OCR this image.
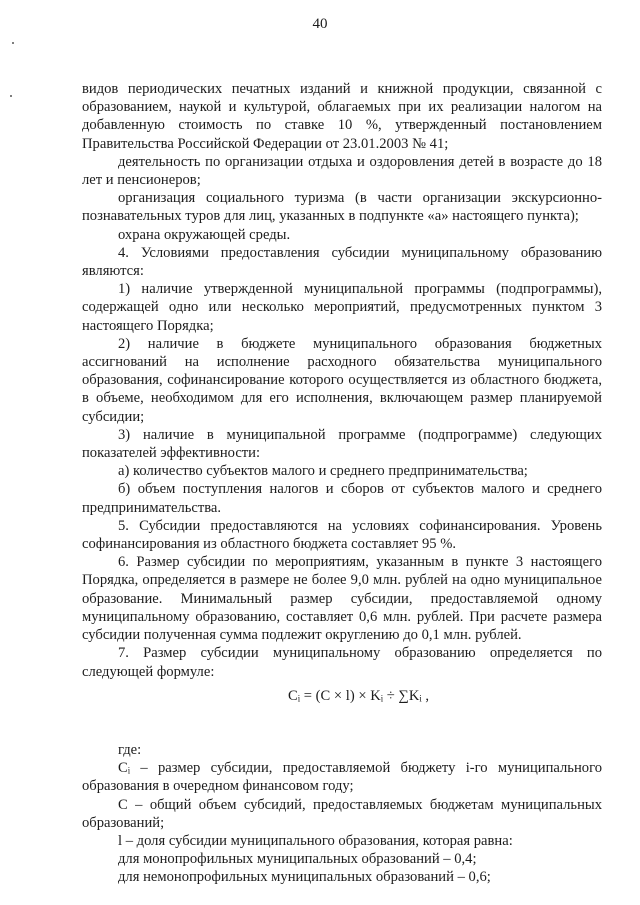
40

видов периодических печатных изданий и книжной продукции, связанной с образованием, наукой и культурой, облагаемых при их реализации налогом на добавленную стоимость по ставке 10 %, утвержденный постановлением Правительства Российской Федерации от 23.01.2003 № 41;

деятельность по организации отдыха и оздоровления детей в возрасте до 18 лет и пенсионеров;

организация социального туризма (в части организации экскурсионно-познавательных туров для лиц, указанных в подпункте «а» настоящего пункта);

охрана окружающей среды.

4. Условиями предоставления субсидии муниципальному образованию являются:

1) наличие утвержденной муниципальной программы (подпрограммы), содержащей одно или несколько мероприятий, предусмотренных пунктом 3 настоящего Порядка;

2) наличие в бюджете муниципального образования бюджетных ассигнований на исполнение расходного обязательства муниципального образования, софинансирование которого осуществляется из областного бюджета, в объеме, необходимом для его исполнения, включающем размер планируемой субсидии;

3) наличие в муниципальной программе (подпрограмме) следующих показателей эффективности:

а) количество субъектов малого и среднего предпринимательства;

б) объем поступления налогов и сборов от субъектов малого и среднего предпринимательства.

5. Субсидии предоставляются на условиях софинансирования. Уровень софинансирования из областного бюджета составляет 95 %.

6. Размер субсидии по мероприятиям, указанным в пункте 3 настоящего Порядка, определяется в размере не более 9,0 млн. рублей на одно муниципальное образование. Минимальный размер субсидии, предоставляемой одному муниципальному образованию, составляет 0,6 млн. рублей. При расчете размера субсидии полученная сумма подлежит округлению до 0,1 млн. рублей.

7. Размер субсидии муниципальному образованию определяется по следующей формуле:

Cᵢ = (C × l) × Kᵢ ÷ ∑Kᵢ ,

где:

Cᵢ – размер субсидии, предоставляемой бюджету i-го муниципального образования в очередном финансовом году;

С – общий объем субсидий, предоставляемых бюджетам муниципальных образований;

l – доля субсидии муниципального образования, которая равна:

для монопрофильных муниципальных образований – 0,4;

для немонопрофильных муниципальных образований – 0,6;
